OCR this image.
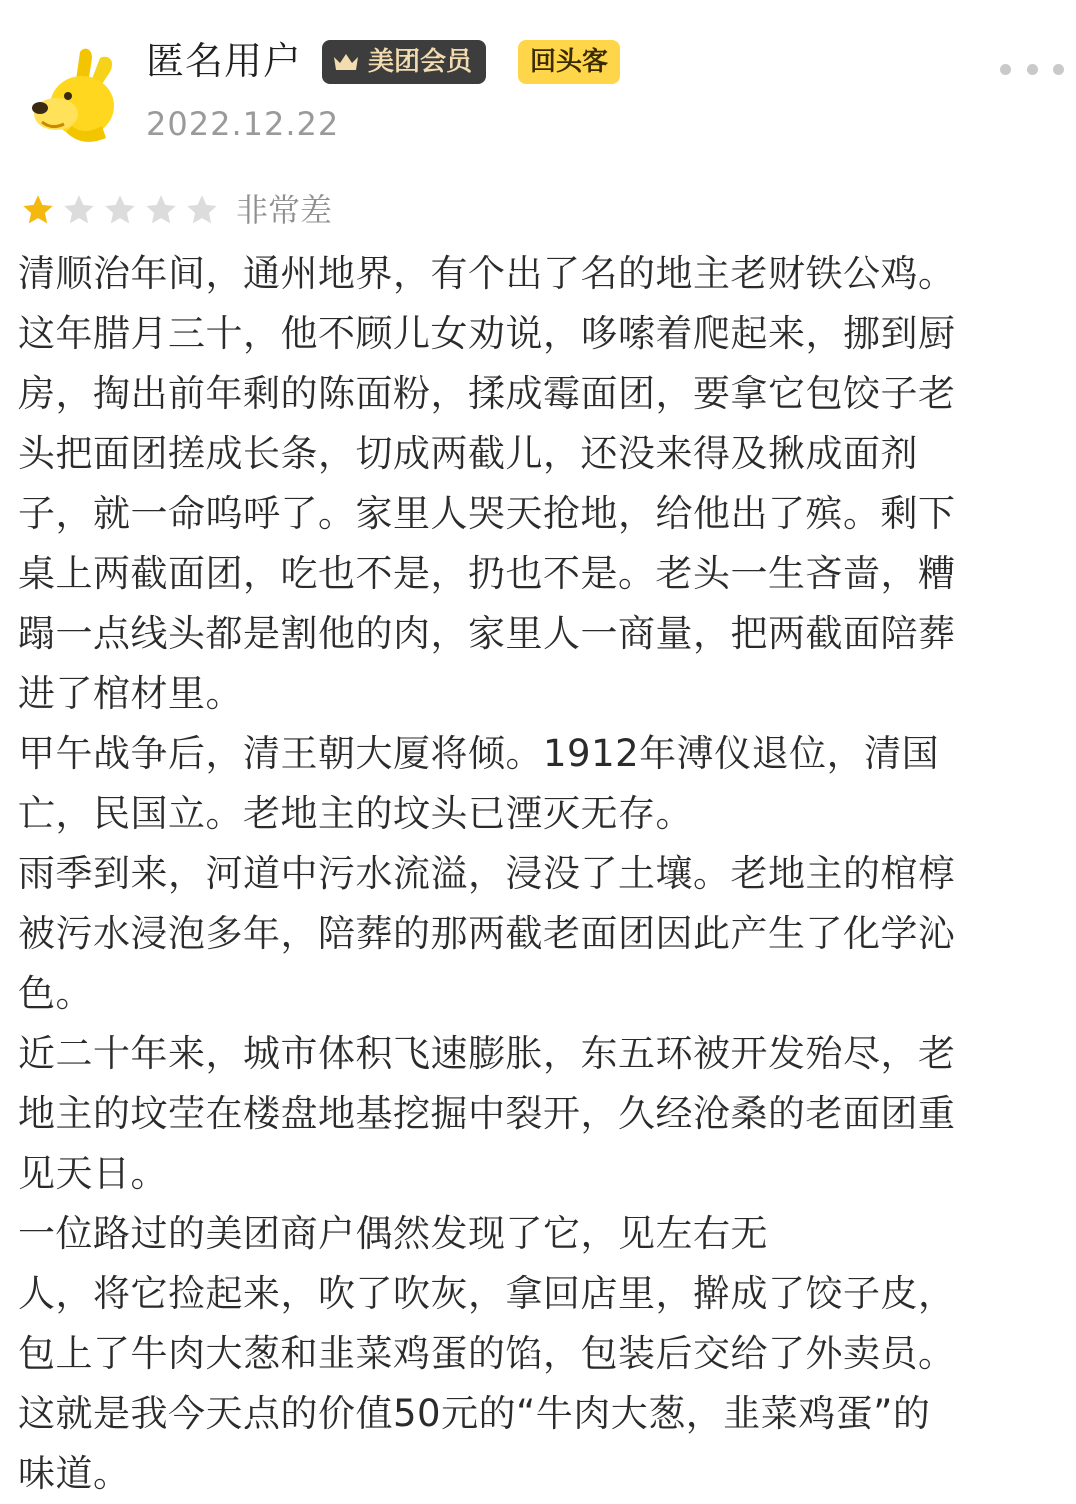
匿名用户	美团会员	回头客
2022.12.22
非常差
清顺治年间，通州地界，有个出了名的地主老财铁公鸡。
这年腊月三十，他不顾儿女劝说，哆嗦着爬起来，挪到厨
房，掏出前年剩的陈面粉，揉成霉面团，要拿它包饺子老
头把面团搓成长条，切成两截儿，还没来得及揪成面剂
子，就一命呜呼了。家里人哭天抢地，给他出了殡。剩下
桌上两截面团，吃也不是，扔也不是。老头一生吝啬，糟
蹋一点线头都是割他的肉，家里人一商量，把两截面陪葬
进了棺材里。
甲午战争后，清王朝大厦将倾。1912年溥仪退位，清国
亡，民国立。老地主的坟头已湮灭无存。
雨季到来，河道中污水流溢，浸没了土壤。老地主的棺椁
被污水浸泡多年，陪葬的那两截老面团因此产生了化学沁
色。
近二十年来，城市体积飞速膨胀，东五环被开发殆尽，老
地主的坟茔在楼盘地基挖掘中裂开，久经沧桑的老面团重
见天日。
一位路过的美团商户偶然发现了它，见左右无
人，将它捡起来，吹了吹灰，拿回店里，擀成了饺子皮，
包上了牛肉大葱和韭菜鸡蛋的馅，包装后交给了外卖员。
这就是我今天点的价值50元的“牛肉大葱，韭菜鸡蛋”的
味道。
